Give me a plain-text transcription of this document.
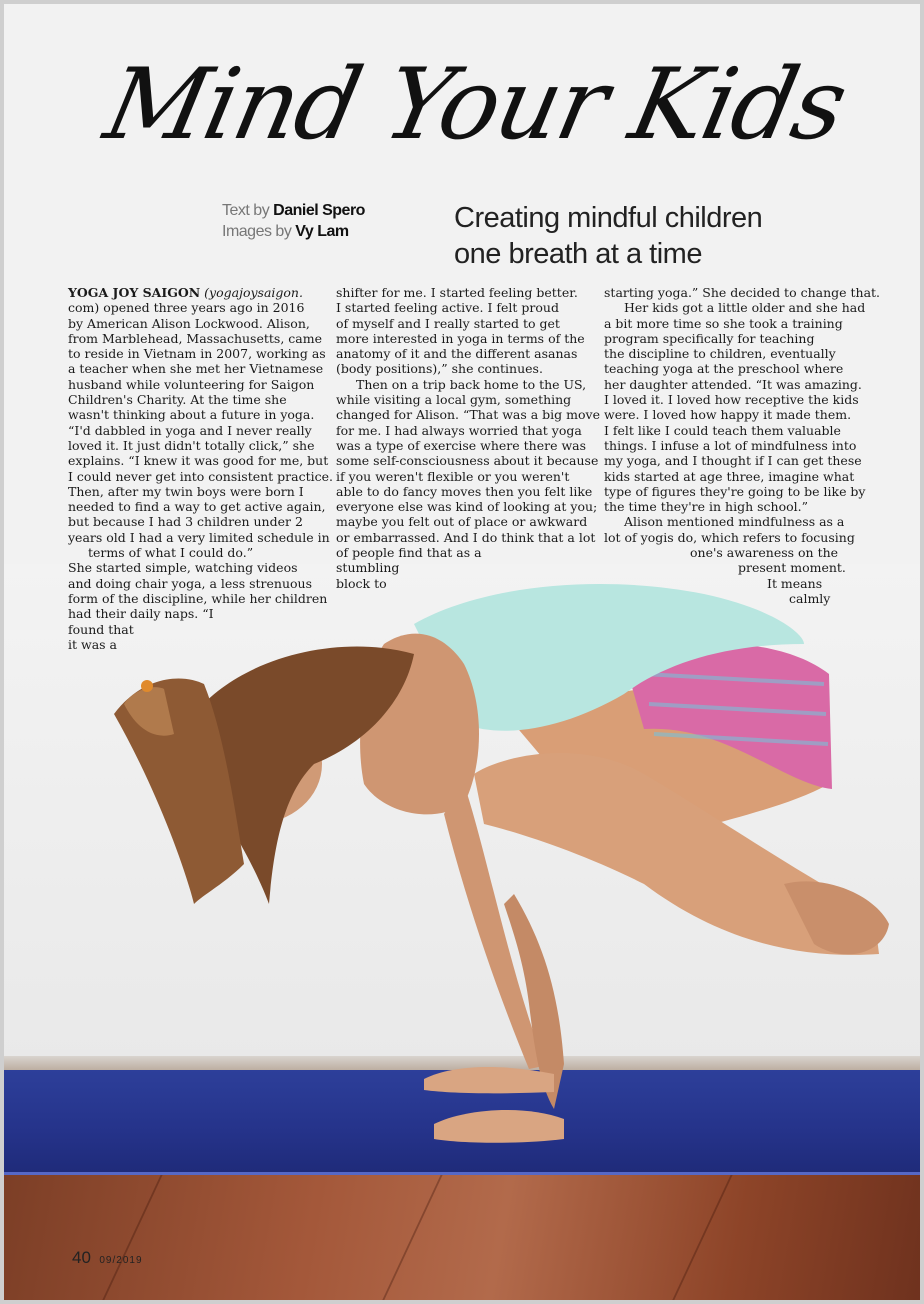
Mind Your Kids
Text by Daniel Spero
Images by Vy Lam	Creating mindful children
one breath at a time
YOGA JOY SAIGON (yogajoysaigon.
com) opened three years ago in 2016
by American Alison Lockwood. Alison,
from Marblehead, Massachusetts, came
to reside in Vietnam in 2007, working as
a teacher when she met her Vietnamese
husband while volunteering for Saigon
Children's Charity. At the time she
wasn't thinking about a future in yoga.
“I'd dabbled in yoga and I never really
loved it. It just didn't totally click,” she
explains. “I knew it was good for me, but
I could never get into consistent practice.
Then, after my twin boys were born I
needed to find a way to get active again,
but because I had 3 children under 2
years old I had a very limited schedule in
terms of what I could do.”
She started simple, watching videos
and doing chair yoga, a less strenuous
form of the discipline, while her children
had their daily naps. “I
found that
it was a
shifter for me. I started feeling better.
I started feeling active. I felt proud
of myself and I really started to get
more interested in yoga in terms of the
anatomy of it and the different asanas
(body positions),” she continues.
Then on a trip back home to the US,
while visiting a local gym, something
changed for Alison. “That was a big move
for me. I had always worried that yoga
was a type of exercise where there was
some self-consciousness about it because
if you weren't flexible or you weren't
able to do fancy moves then you felt like
everyone else was kind of looking at you;
maybe you felt out of place or awkward
or embarrassed. And I do think that a lot
of people find that as a
stumbling
block to
starting yoga.” She decided to change that.
Her kids got a little older and she had
a bit more time so she took a training
program specifically for teaching
the discipline to children, eventually
teaching yoga at the preschool where
her daughter attended. “It was amazing.
I loved it. I loved how receptive the kids
were. I loved how happy it made them.
I felt like I could teach them valuable
things. I infuse a lot of mindfulness into
my yoga, and I thought if I can get these
kids started at age three, imagine what
type of figures they're going to be like by
the time they're in high school.”
Alison mentioned mindfulness as a
lot of yogis do, which refers to focusing
one's awareness on the
present moment.
It means
calmly
40 09/2019
